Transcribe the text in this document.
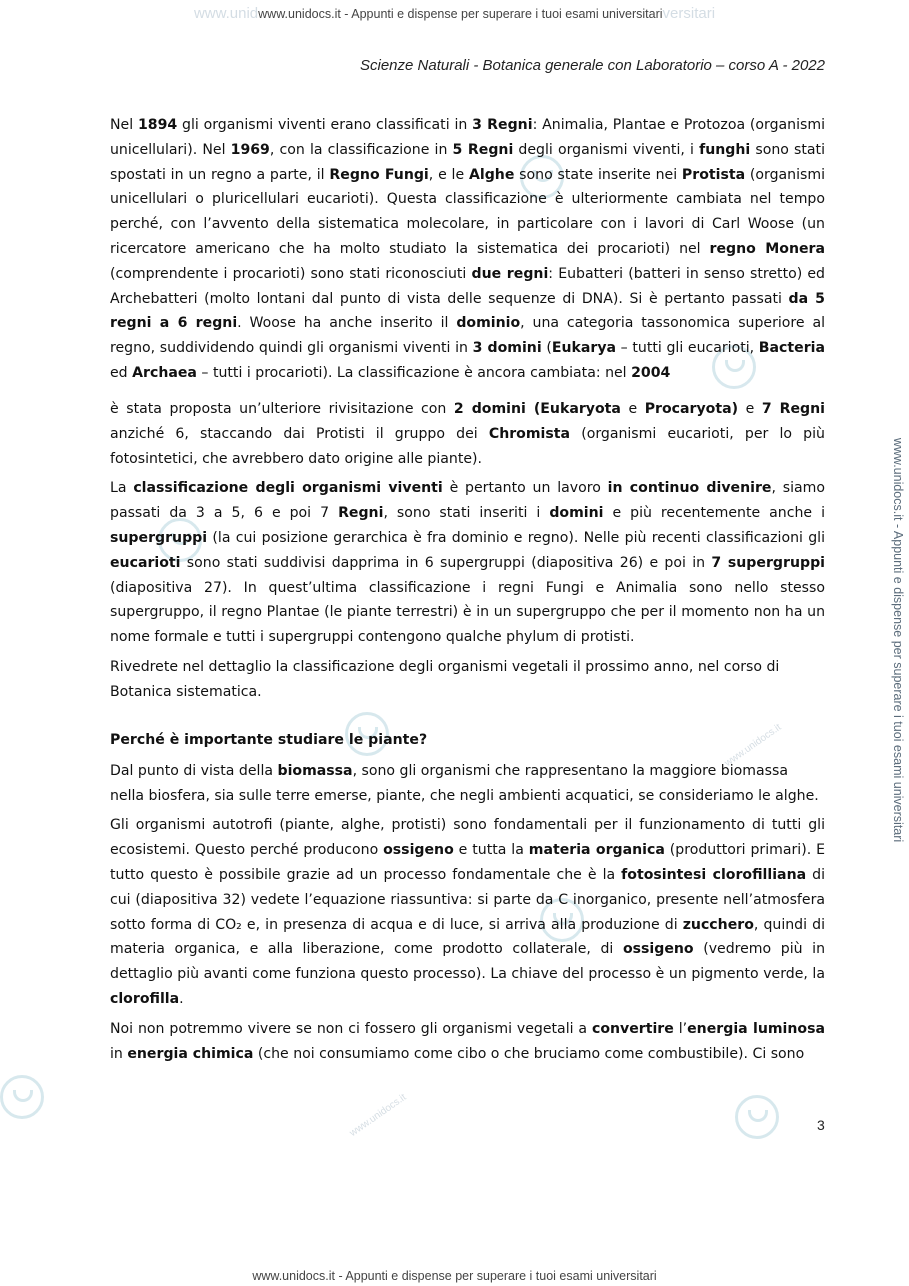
www.unidwww.unidocs.it - Appunti e dispense per superare i tuoi esami universitariversitari
www.unidocs.it - Appunti e dispense per superare i tuoi esami universitari
www.unidocs.it - Appunti e dispense per superare i tuoi esami universitari
www.unidocs.it
www.unidocs.it
Scienze Naturali - Botanica generale con Laboratorio – corso A - 2022

Nel 1894 gli organismi viventi erano classificati in 3 Regni: Animalia, Plantae e Protozoa (organismi unicellulari). Nel 1969, con la classificazione in 5 Regni degli organismi viventi, i funghi sono stati spostati in un regno a parte, il Regno Fungi, e le Alghe sono state inserite nei Protista (organismi unicellulari o pluricellulari eucarioti). Questa classificazione è ulteriormente cambiata nel tempo perché, con l’avvento della sistematica molecolare, in particolare con i lavori di Carl Woose (un ricercatore americano che ha molto studiato la sistematica dei procarioti) nel regno Monera (comprendente i procarioti) sono stati riconosciuti due regni: Eubatteri (batteri in senso stretto) ed Archebatteri (molto lontani dal punto di vista delle sequenze di DNA). Si è pertanto passati da 5 regni a 6 regni. Woose ha anche inserito il dominio, una categoria tassonomica superiore al regno, suddividendo quindi gli organismi viventi in 3 domini (Eukarya – tutti gli eucarioti, Bacteria ed Archaea – tutti i procarioti). La classificazione è ancora cambiata: nel 2004

è stata proposta un’ulteriore rivisitazione con 2 domini (Eukaryota e Procaryota) e 7 Regni anziché 6, staccando dai Protisti il gruppo dei Chromista (organismi eucarioti, per lo più fotosintetici, che avrebbero dato origine alle piante).

La classificazione degli organismi viventi è pertanto un lavoro in continuo divenire, siamo passati da 3 a 5, 6 e poi 7 Regni, sono stati inseriti i domini e più recentemente anche i supergruppi (la cui posizione gerarchica è fra dominio e regno). Nelle più recenti classificazioni gli eucarioti sono stati suddivisi dapprima in 6 supergruppi (diapositiva 26) e poi in 7 supergruppi (diapositiva 27). In quest’ultima classificazione i regni Fungi e Animalia sono nello stesso supergruppo, il regno Plantae (le piante terrestri) è in un supergruppo che per il momento non ha un nome formale e tutti i supergruppi contengono qualche phylum di protisti.

Rivedrete nel dettaglio la classificazione degli organismi vegetali il prossimo anno, nel corso di Botanica sistematica.

Perché è importante studiare le piante?

Dal punto di vista della biomassa, sono gli organismi che rappresentano la maggiore biomassa nella biosfera, sia sulle terre emerse, piante, che negli ambienti acquatici, se consideriamo le alghe.

Gli organismi autotrofi (piante, alghe, protisti) sono fondamentali per il funzionamento di tutti gli ecosistemi. Questo perché producono ossigeno e tutta la materia organica (produttori primari). E tutto questo è possibile grazie ad un processo fondamentale che è la fotosintesi clorofilliana di cui (diapositiva 32) vedete l’equazione riassuntiva: si parte da C inorganico, presente nell’atmosfera sotto forma di CO₂ e, in presenza di acqua e di luce, si arriva alla produzione di zucchero, quindi di materia organica, e alla liberazione, come prodotto collaterale, di ossigeno (vedremo più in dettaglio più avanti come funziona questo processo). La chiave del processo è un pigmento verde, la clorofilla.

Noi non potremmo vivere se non ci fossero gli organismi vegetali a convertire l’energia luminosa in energia chimica (che noi consumiamo come cibo o che bruciamo come combustibile). Ci sono

3
